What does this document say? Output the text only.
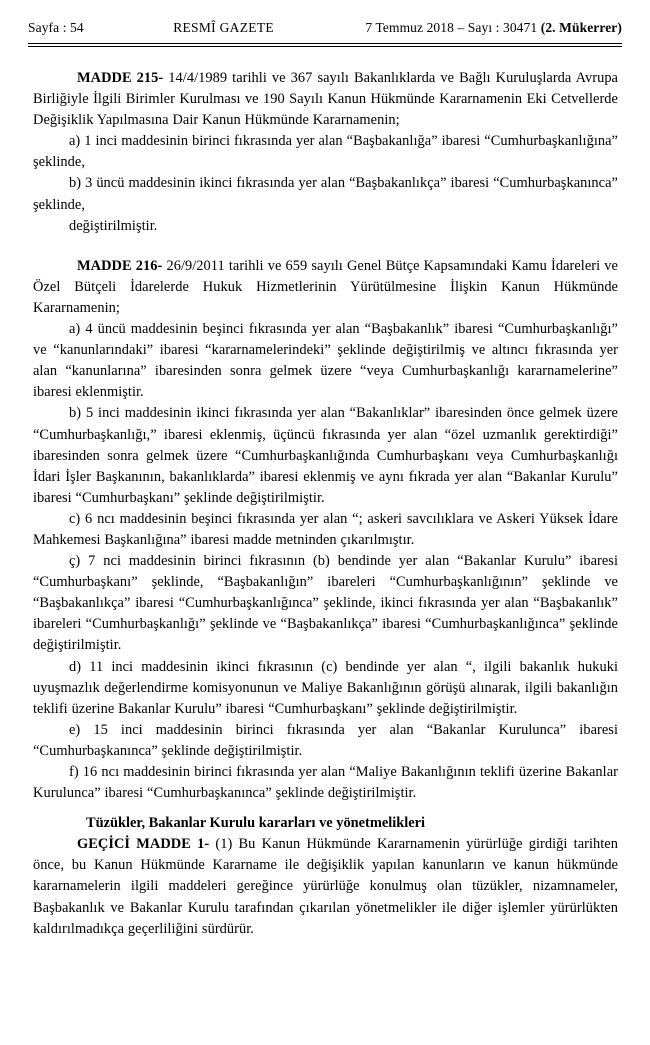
Sayfa : 54	RESMÎ GAZETE	7 Temmuz 2018 – Sayı : 30471 (2. Mükerrer)

MADDE 215- 14/4/1989 tarihli ve 367 sayılı Bakanlıklarda ve Bağlı Kuruluşlarda Avrupa Birliğiyle İlgili Birimler Kurulması ve 190 Sayılı Kanun Hükmünde Kararnamenin Eki Cetvellerde Değişiklik Yapılmasına Dair Kanun Hükmünde Kararnamenin;

a) 1 inci maddesinin birinci fıkrasında yer alan “Başbakanlığa” ibaresi “Cumhurbaşkanlığına” şeklinde,

b) 3 üncü maddesinin ikinci fıkrasında yer alan “Başbakanlıkça” ibaresi “Cumhurbaşkanınca” şeklinde,

değiştirilmiştir.

MADDE 216- 26/9/2011 tarihli ve 659 sayılı Genel Bütçe Kapsamındaki Kamu İdareleri ve Özel Bütçeli İdarelerde Hukuk Hizmetlerinin Yürütülmesine İlişkin Kanun Hükmünde Kararnamenin;

a) 4 üncü maddesinin beşinci fıkrasında yer alan “Başbakanlık” ibaresi “Cumhurbaşkanlığı” ve “kanunlarındaki” ibaresi “kararnamelerindeki” şeklinde değiştirilmiş ve altıncı fıkrasında yer alan “kanunlarına” ibaresinden sonra gelmek üzere “veya Cumhurbaşkanlığı kararnamelerine” ibaresi eklenmiştir.

b) 5 inci maddesinin ikinci fıkrasında yer alan “Bakanlıklar” ibaresinden önce gelmek üzere “Cumhurbaşkanlığı,” ibaresi eklenmiş, üçüncü fıkrasında yer alan “özel uzmanlık gerektirdiği” ibaresinden sonra gelmek üzere “Cumhurbaşkanlığında Cumhurbaşkanı veya Cumhurbaşkanlığı İdari İşler Başkanının, bakanlıklarda” ibaresi eklenmiş ve aynı fıkrada yer alan “Bakanlar Kurulu” ibaresi “Cumhurbaşkanı” şeklinde değiştirilmiştir.

c) 6 ncı maddesinin beşinci fıkrasında yer alan “; askeri savcılıklara ve Askeri Yüksek İdare Mahkemesi Başkanlığına” ibaresi madde metninden çıkarılmıştır.

ç) 7 nci maddesinin birinci fıkrasının (b) bendinde yer alan “Bakanlar Kurulu” ibaresi “Cumhurbaşkanı” şeklinde, “Başbakanlığın” ibareleri “Cumhurbaşkanlığının” şeklinde ve “Başbakanlıkça” ibaresi “Cumhurbaşkanlığınca” şeklinde, ikinci fıkrasında yer alan “Başbakanlık” ibareleri “Cumhurbaşkanlığı” şeklinde ve “Başbakanlıkça” ibaresi “Cumhurbaşkanlığınca” şeklinde değiştirilmiştir.

d) 11 inci maddesinin ikinci fıkrasının (c) bendinde yer alan “, ilgili bakanlık hukuki uyuşmazlık değerlendirme komisyonunun ve Maliye Bakanlığının görüşü alınarak, ilgili bakanlığın teklifi üzerine Bakanlar Kurulu” ibaresi “Cumhurbaşkanı” şeklinde değiştirilmiştir.

e) 15 inci maddesinin birinci fıkrasında yer alan “Bakanlar Kurulunca” ibaresi “Cumhurbaşkanınca” şeklinde değiştirilmiştir.

f) 16 ncı maddesinin birinci fıkrasında yer alan “Maliye Bakanlığının teklifi üzerine Bakanlar Kurulunca” ibaresi “Cumhurbaşkanınca” şeklinde değiştirilmiştir.

Tüzükler, Bakanlar Kurulu kararları ve yönetmelikleri

GEÇİCİ MADDE 1- (1) Bu Kanun Hükmünde Kararnamenin yürürlüğe girdiği tarihten önce, bu Kanun Hükmünde Kararname ile değişiklik yapılan kanunların ve kanun hükmünde kararnamelerin ilgili maddeleri gereğince yürürlüğe konulmuş olan tüzükler, nizamnameler, Başbakanlık ve Bakanlar Kurulu tarafından çıkarılan yönetmelikler ile diğer işlemler yürürlükten kaldırılmadıkça geçerliliğini sürdürür.
